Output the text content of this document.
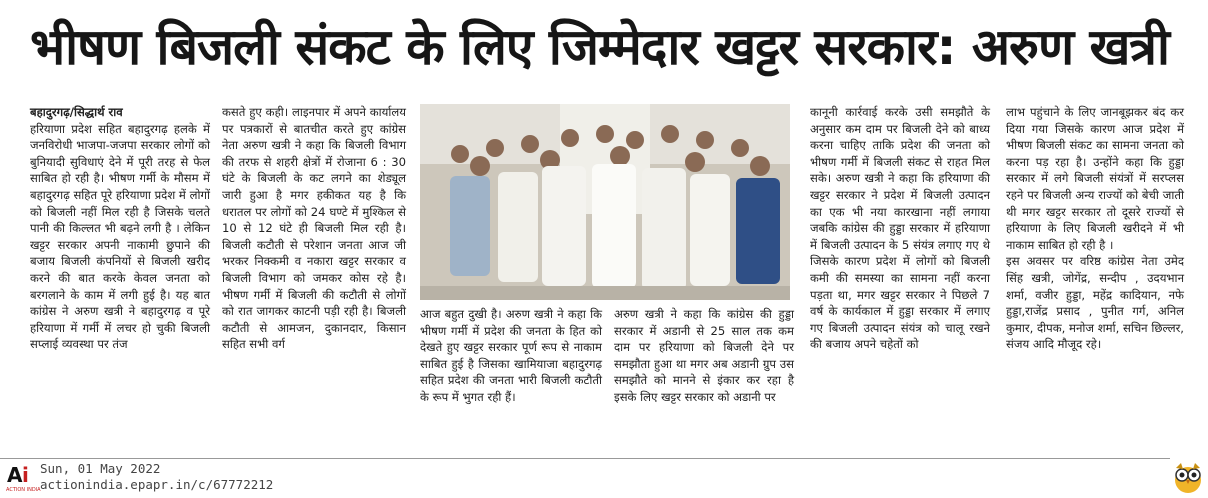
भीषण बिजली संकट के लिए जिम्मेदार खट्टर सरकार: अरुण खत्री

बहादुरगढ़/सिद्धार्थ राव

हरियाणा प्रदेश सहित बहादुरगढ़ हलके में जनविरोधी भाजपा-जजपा सरकार लोगों को बुनियादी सुविधाएं देने में पूरी तरह से फेल साबित हो रही है। भीषण गर्मी के मौसम में बहादुरगढ़ सहित पूरे हरियाणा प्रदेश में लोगों को बिजली नहीं मिल रही है जिसके चलते पानी की किल्लत भी बढ़ने लगी है । लेकिन खट्टर सरकार अपनी नाकामी छुपाने की बजाय बिजली कंपनियों से बिजली खरीद करने की बात करके केवल जनता को बरगलाने के काम में लगी हुई है। यह बात कांग्रेस ने अरुण खत्री ने बहादुरगढ़ व पूरे हरियाणा में गर्मी में लचर हो चुकी बिजली सप्लाई व्यवस्था पर तंज

कसते हुए कही। लाइनपार में अपने कार्यालय पर पत्रकारों से बातचीत करते हुए कांग्रेस नेता अरुण खत्री ने कहा कि बिजली विभाग की तरफ से शहरी क्षेत्रों में रोजाना 6 : 30 घंटे के बिजली के कट लगने का शेड्यूल जारी हुआ है मगर हकीकत यह है कि धरातल पर लोगों को 24 घण्टे में मुश्किल से 10 से 12 घंटे ही बिजली मिल रही है। बिजली कटौती से परेशान जनता आज जी भरकर निक्कमी व नकारा खट्टर सरकार व बिजली विभाग को जमकर कोस रहे है। भीषण गर्मी में बिजली की कटौती से लोगों को रात जागकर काटनी पड़ी रही है। बिजली कटौती से आमजन, दुकानदार, किसान सहित सभी वर्ग

आज बहुत दुखी है। अरुण खत्री ने कहा कि भीषण गर्मी में प्रदेश की जनता के हित को देखते हुए खट्टर सरकार पूर्ण रूप से नाकाम साबित हुई है जिसका खामियाजा बहादुरगढ़ सहित प्रदेश की जनता भारी बिजली कटौती के रूप में भुगत रही हैं।

अरुण खत्री ने कहा कि कांग्रेस की हुड्डा सरकार में अडानी से 25 साल तक कम दाम पर हरियाणा को बिजली देने पर समझौता हुआ था मगर अब अडानी ग्रुप उस समझौते को मानने से इंकार कर रहा है इसके लिए खट्टर सरकार को अडानी पर

कानूनी कार्रवाई करके उसी समझौते के अनुसार कम दाम पर बिजली देने को बाध्य करना चाहिए ताकि प्रदेश की जनता को भीषण गर्मी में बिजली संकट से राहत मिल सके। अरुण खत्री ने कहा कि हरियाणा की खट्टर सरकार ने प्रदेश में बिजली उत्पादन का एक भी नया कारखाना नहीं लगाया जबकि कांग्रेस की हुड्डा सरकार में हरियाणा में बिजली उत्पादन के 5 संयंत्र लगाए गए थे जिसके कारण प्रदेश में लोगों को बिजली कमी की समस्या का सामना नहीं करना पड़ता था, मगर खट्टर सरकार ने पिछले 7 वर्ष के कार्यकाल में हुड्डा सरकार में लगाए गए बिजली उत्पादन संयंत्र को चालू रखने की बजाय अपने चहेतों को

लाभ पहुंचाने के लिए जानबूझकर बंद कर दिया गया जिसके कारण आज प्रदेश में भीषण बिजली संकट का सामना जनता को करना पड़ रहा है। उन्होंने कहा कि हुड्डा सरकार में लगे बिजली संयंत्रों में सरप्लस रहने पर बिजली अन्य राज्यों को बेची जाती थी मगर खट्टर सरकार तो दूसरे राज्यों से हरियाणा के लिए बिजली खरीदने में भी नाकाम साबित हो रही है ।

इस अवसर पर वरिष्ठ कांग्रेस नेता उमेद सिंह खत्री, जोगेंद्र, सन्दीप , उदयभान शर्मा, वजीर हुड्डा, महेंद्र कादियान, नफे हुड्डा,राजेंद्र प्रसाद , पुनीत गर्ग, अनिल कुमार, दीपक, मनोज शर्मा, सचिन छिल्लर, संजय आदि मौजूद रहे।

A i
ACTION INDIA
Sun, 01 May 2022
actionindia.epapr.in/c/67772212
